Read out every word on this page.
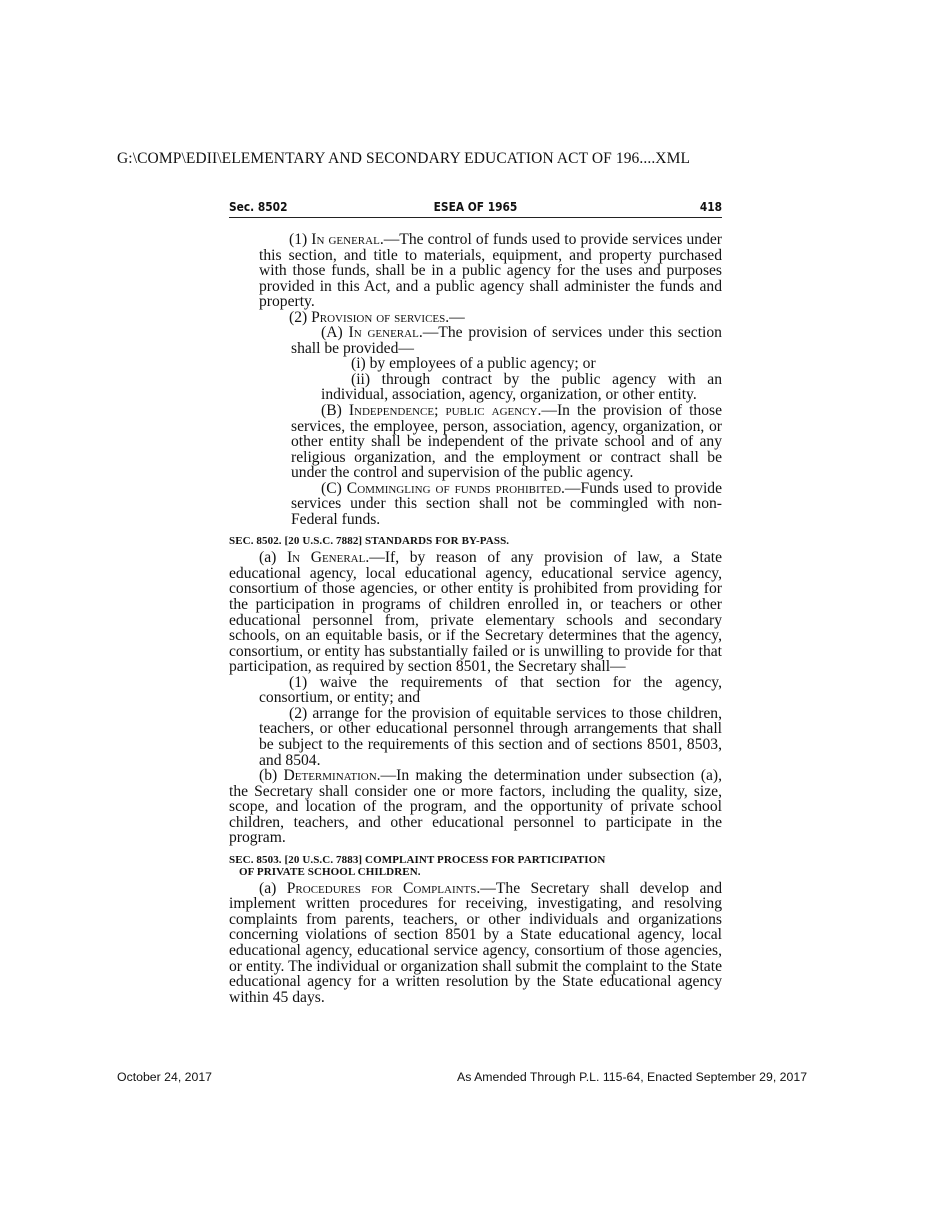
G:\COMP\EDII\ELEMENTARY AND SECONDARY EDUCATION ACT OF 196....XML
Sec. 8502	ESEA OF 1965	418

(1) In general.—The control of funds used to provide services under this section, and title to materials, equipment, and property purchased with those funds, shall be in a public agency for the uses and purposes provided in this Act, and a public agency shall administer the funds and property.

(2) Provision of services.—

(A) In general.—The provision of services under this section shall be provided—

(i) by employees of a public agency; or

(ii) through contract by the public agency with an individual, association, agency, organization, or other entity.

(B) Independence; public agency.—In the provision of those services, the employee, person, association, agency, organization, or other entity shall be independent of the private school and of any religious organization, and the employment or contract shall be under the control and supervision of the public agency.

(C) Commingling of funds prohibited.—Funds used to provide services under this section shall not be commingled with non-Federal funds.

SEC. 8502. [20 U.S.C. 7882] STANDARDS FOR BY-PASS.

(a) In General.—If, by reason of any provision of law, a State educational agency, local educational agency, educational service agency, consortium of those agencies, or other entity is prohibited from providing for the participation in programs of children enrolled in, or teachers or other educational personnel from, private elementary schools and secondary schools, on an equitable basis, or if the Secretary determines that the agency, consortium, or entity has substantially failed or is unwilling to provide for that participation, as required by section 8501, the Secretary shall—

(1) waive the requirements of that section for the agency, consortium, or entity; and

(2) arrange for the provision of equitable services to those children, teachers, or other educational personnel through arrangements that shall be subject to the requirements of this section and of sections 8501, 8503, and 8504.

(b) Determination.—In making the determination under subsection (a), the Secretary shall consider one or more factors, including the quality, size, scope, and location of the program, and the opportunity of private school children, teachers, and other educational personnel to participate in the program.

SEC. 8503. [20 U.S.C. 7883] COMPLAINT PROCESS FOR PARTICIPATION
OF PRIVATE SCHOOL CHILDREN.

(a) Procedures for Complaints.—The Secretary shall develop and implement written procedures for receiving, investigating, and resolving complaints from parents, teachers, or other individuals and organizations concerning violations of section 8501 by a State educational agency, local educational agency, educational service agency, consortium of those agencies, or entity. The individual or organization shall submit the complaint to the State educational agency for a written resolution by the State educational agency within 45 days.

October 24, 2017	As Amended Through P.L. 115-64, Enacted September 29, 2017
